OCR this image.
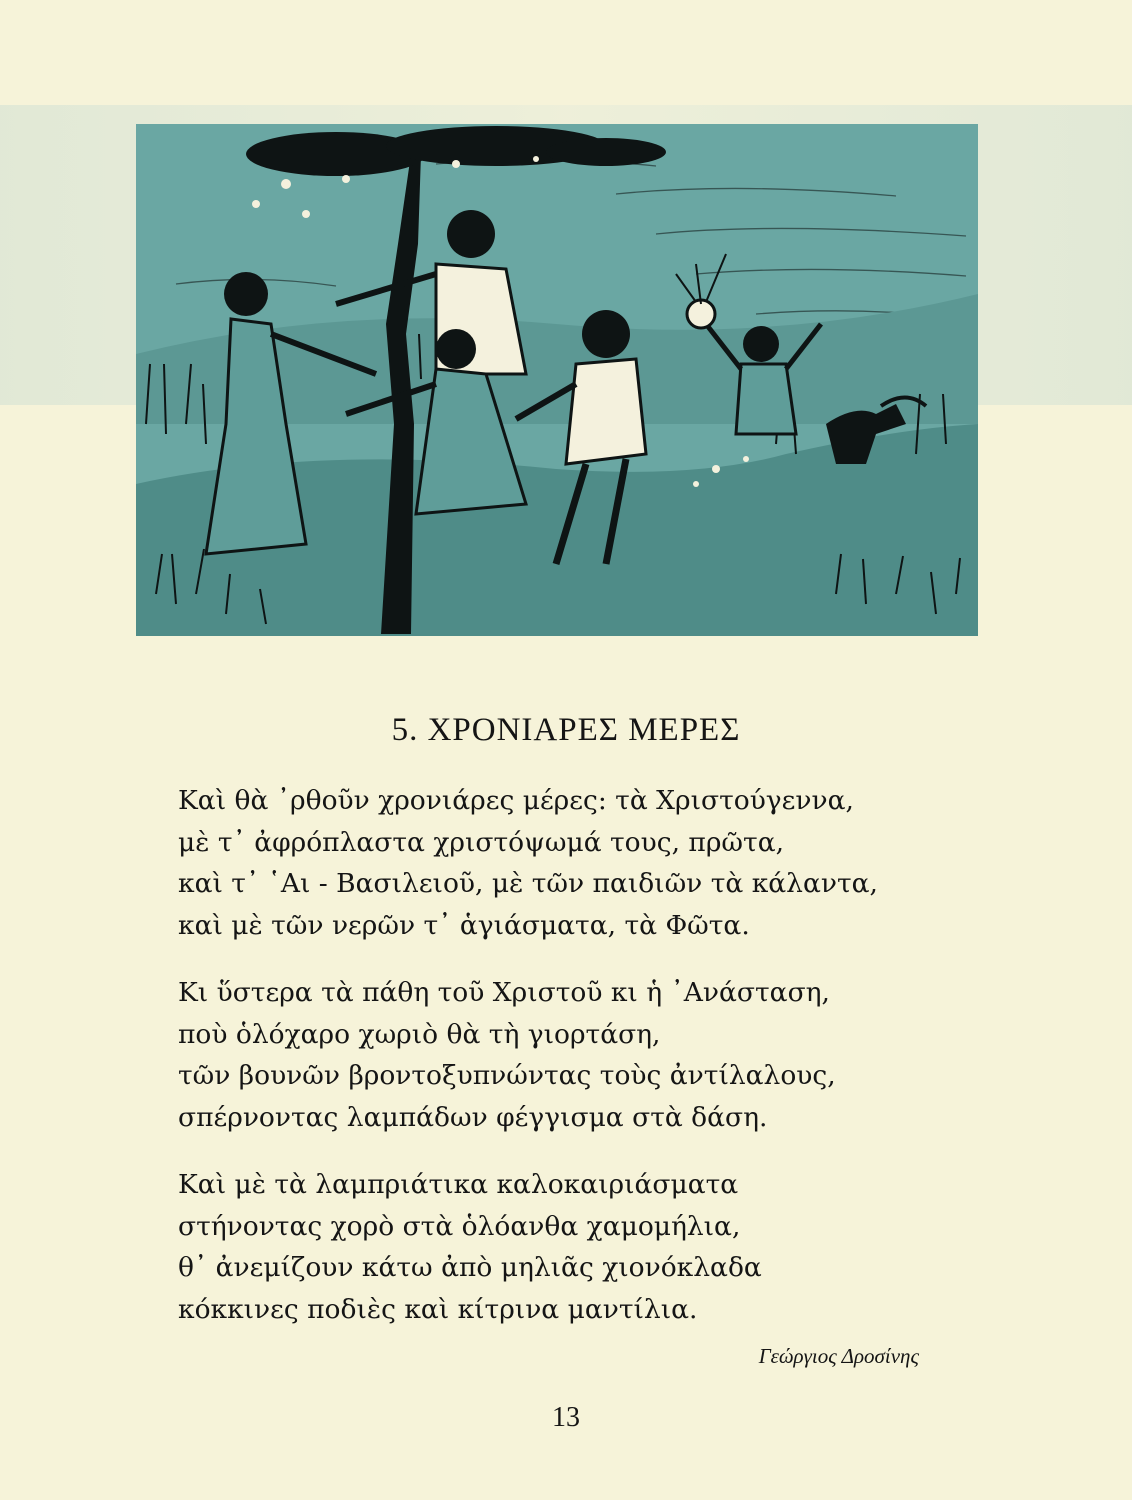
5. ΧΡΟΝΙΑΡΕΣ ΜΕΡΕΣ
Καὶ θὰ ᾿ρθοῦν χρονιάρες μέρες: τὰ Χριστούγεννα,
μὲ τ᾿ ἀφρόπλαστα χριστόψωμά τους, πρῶτα,
καὶ τ᾿ ῾Αι - Βασιλειοῦ, μὲ τῶν παιδιῶν τὰ κάλαντα,
καὶ μὲ τῶν νερῶν τ᾿ ἁγιάσματα, τὰ Φῶτα.
Κι ὕστερα τὰ πάθη τοῦ Χριστοῦ κι ἡ ᾿Ανάσταση,
ποὺ ὁλόχαρο χωριὸ θὰ τὴ γιορτάση,
τῶν βουνῶν βροντοξυπνώντας τοὺς ἀντίλαλους,
σπέρνοντας λαμπάδων φέγγισμα στὰ δάση.
Καὶ μὲ τὰ λαμπριάτικα καλοκαιριάσματα
στήνοντας χορὸ στὰ ὁλόανθα χαμομήλια,
θ᾿ ἀνεμίζουν κάτω ἀπὸ μηλιᾶς χιονόκλαδα
κόκκινες ποδιὲς καὶ κίτρινα μαντίλια.
Γεώργιος Δροσίνης
13
